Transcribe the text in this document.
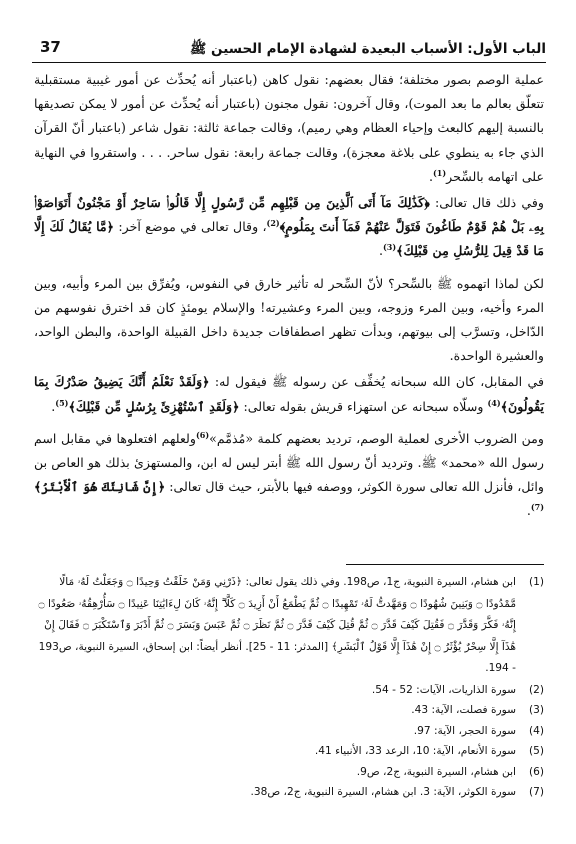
الباب الأول: الأسباب البعيدة لشهادة الإمام الحسين ﷺ
37

عملية الوصم بصور مختلفة؛ فقال بعضهم: نقول كاهن (باعتبار أنه يُحدِّث عن أمور غيبية مستقبلية تتعلّق بعالم ما بعد الموت)، وقال آخرون: نقول مجنون (باعتبار أنه يُحدِّث عن أمور لا يمكن تصديقها بالنسبة إليهم كالبعث وإحياء العظام وهي رميم)، وقالت جماعة ثالثة: نقول شاعر (باعتبار أنّ القرآن الذي جاء به ينطوي على بلاغة معجزة)، وقالت جماعة رابعة: نقول ساحر. . . . واستقروا في النهاية على اتهامه بالسِّحر$^{(1)}$.

وفي ذلك قال تعالى: ﴿كَذَٰلِكَ مَآ أَتَى ٱلَّذِينَ مِن قَبْلِهِم مِّن رَّسُولٍ إِلَّا قَالُوا۟ سَاحِرٌ أَوْ مَجْنُونٌ أَتَوَاصَوْا۟ بِهِۦ بَلْ هُمْ قَوْمٌ طَاغُونَ فَتَوَلَّ عَنْهُمْ فَمَآ أَنتَ بِمَلُومٍ﴾$^{(2)}$، وقال تعالى في موضع آخر: ﴿مَّا يُقَالُ لَكَ إِلَّا مَا قَدْ قِيلَ لِلرُّسُلِ مِن قَبْلِكَ﴾$^{(3)}$.

لكن لماذا اتهموه ﷺ بالسِّحر؟ لأنّ السِّحر له تأثير خارق في النفوس، ويُفرِّق بين المرء وأبيه، وبين المرء وأخيه، وبين المرء وزوجه، وبين المرء وعشيرته! والإسلام يومئذٍ كان قد اخترق نفوسهم من الدّاخل، وتسرَّب إلى بيوتهم، وبدأت تظهر اصطفافات جديدة داخل القبيلة الواحدة، والبطن الواحد، والعشيرة الواحدة.

في المقابل، كان الله سبحانه يُخفِّف عن رسوله ﷺ فيقول له: ﴿وَلَقَدْ نَعْلَمُ أَنَّكَ يَضِيقُ صَدْرُكَ بِمَا يَقُولُونَ﴾$^{(4)}$ وسلّاه سبحانه عن استهزاء قريش بقوله تعالى: ﴿وَلَقَدِ ٱسْتُهْزِئَ بِرُسُلٍ مِّن قَبْلِكَ﴾$^{(5)}$.

ومن الضروب الأخرى لعملية الوصم، ترديد بعضهم كلمة «مُذمَّم»$^{(6)}$ولعلهم افتعلوها في مقابل اسم رسول الله «محمد» ﷺ. وترديد أنّ رسول الله ﷺ أبتر ليس له ابن، والمستهزئ بذلك هو العاص بن وائل، فأنزل الله تعالى سورة الكوثر، ووصفه فيها بالأبتر، حيث قال تعالى: ﴿إِنَّ شَانِئَكَ هُوَ ٱلْأَبْتَرُ﴾$^{(7)}$.

(1)
ابن هشام، السيرة النبوية، ج1، ص198. وفي ذلك يقول تعالى: ﴿ذَرْنِي وَمَنْ خَلَقْتُ وَحِيدًا ۝ وَجَعَلْتُ لَهُۥ مَالًا مَّمْدُودًا ۝ وَبَنِينَ شُهُودًا ۝ وَمَهَّدتُّ لَهُۥ تَمْهِيدًا ۝ ثُمَّ يَطْمَعُ أَنْ أَزِيدَ ۝ كَلَّآ ۖ إِنَّهُۥ كَانَ لِءَايَٰتِنَا عَنِيدًا ۝ سَأُرْهِقُهُۥ صَعُودًا ۝ إِنَّهُۥ فَكَّرَ وَقَدَّرَ ۝ فَقُتِلَ كَيْفَ قَدَّرَ ۝ ثُمَّ قُتِلَ كَيْفَ قَدَّرَ ۝ ثُمَّ نَظَرَ ۝ ثُمَّ عَبَسَ وَبَسَرَ ۝ ثُمَّ أَدْبَرَ وَٱسْتَكْبَرَ ۝ فَقَالَ إِنْ هَٰذَآ إِلَّا سِحْرٌ يُؤْثَرُ ۝ إِنْ هَٰذَآ إِلَّا قَوْلُ ٱلْبَشَرِ﴾ [المدثر: 11 - 25]. أنظر أيضاً: ابن إسحاق، السيرة النبوية، ص193 - 194.
(2)
سورة الذاريات، الآيات: 52 - 54.
(3)
سورة فصلت، الآية: 43.
(4)
سورة الحجر، الآية: 97.
(5)
سورة الأنعام، الآية: 10، الرعد 33، الأنبياء 41.
(6)
ابن هشام، السيرة النبوية، ج2، ص9.
(7)
سورة الكوثر، الآية: 3. ابن هشام، السيرة النبوية، ج2، ص38.
